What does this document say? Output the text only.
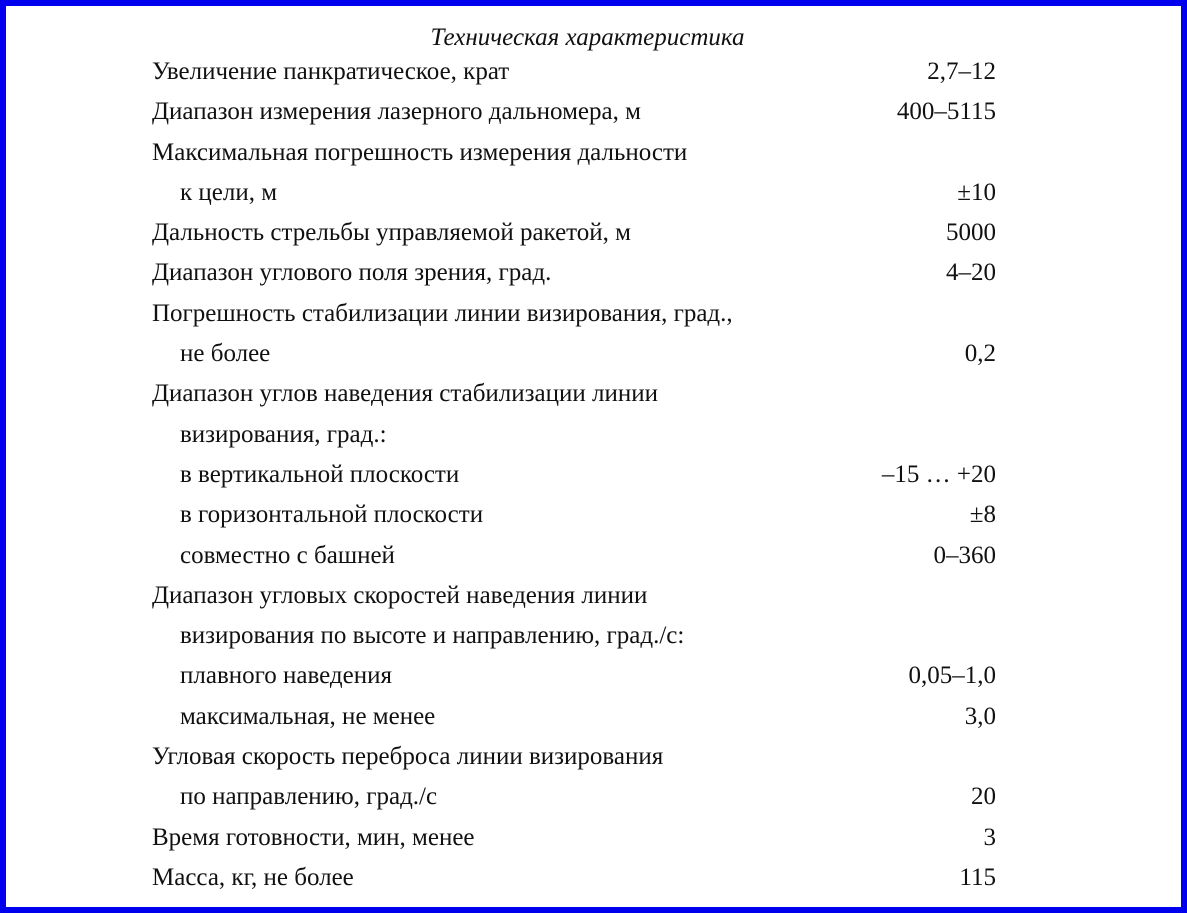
Техническая характеристика
Увеличение панкратическое, крат	2,7–12
Диапазон измерения лазерного дальномера, м	400–5115
Максимальная погрешность измерения дальности
к цели, м	±10
Дальность стрельбы управляемой ракетой, м	5000
Диапазон углового поля зрения, град.	4–20
Погрешность стабилизации линии визирования, град.,
не более	0,2
Диапазон углов наведения стабилизации линии
визирования, град.:
в вертикальной плоскости	–15 … +20
в горизонтальной плоскости	±8
совместно с башней	0–360
Диапазон угловых скоростей наведения линии
визирования по высоте и направлению, град./с:
плавного наведения	0,05–1,0
максимальная, не менее	3,0
Угловая скорость переброса линии визирования
по направлению, град./с	20
Время готовности, мин, менее	3
Масса, кг, не более	115
